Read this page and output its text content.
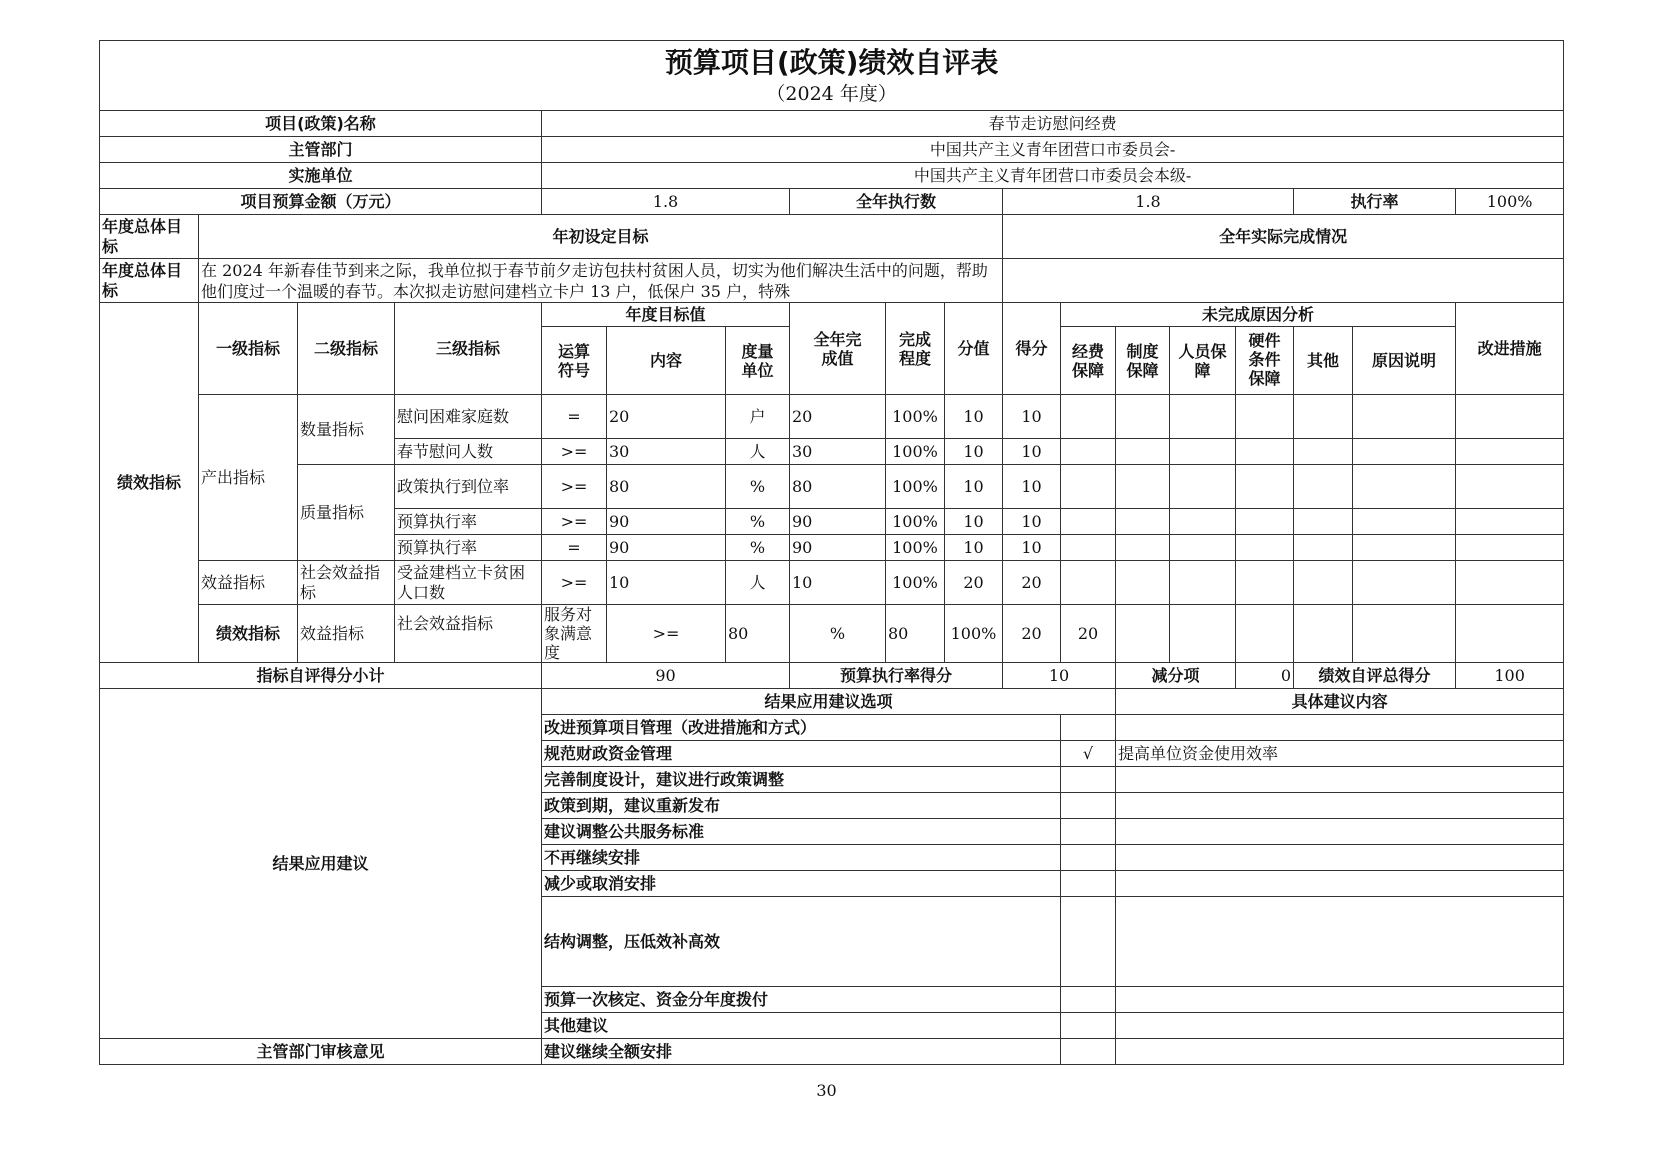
预算项目(政策)绩效自评表
（2024 年度）																		

项目(政策)名称				春节走访慰问经费														
主管部门				中国共产主义青年团营口市委员会-														
实施单位				中国共产主义青年团营口市委员会本级-														
项目预算金额（万元）				1.8			全年执行数			1.8					执行率		100%	

年度总体目标	年初设定目标									全年实际完成情况								

年度总体目标	在 2024 年新春佳节到来之际，我单位拟于春节前夕走访包扶村贫困人员，切实为他们解决生活中的问题，帮助他们度过一个温暖的春节。本次拟走访慰问建档立卡户 13 户，低保户 35 户，特殊																	

绩效指标	一级指标	二级指标	三级指标	年度目标值			全年完成值	完成程度	分值	得分	未完成原因分析						改进措施	

				运算符号	内容	度量单位					经费保障	制度保障	人员保障	硬件条件保障	其他	原因说明		
	产出指标	数量指标	慰问困难家庭数	=	20	户	20	100%	10	10								
			春节慰问人数	>=	30	人	30	100%	10	10								
		质量指标	政策执行到位率	>=	80	%	80	100%	10	10								
			预算执行率	>=	90	%	90	100%	10	10								
			预算执行率	=	90	%	90	100%	10	10								
	效益指标	社会效益指标	受益建档立卡贫困人口数	>=	10	人	10	100%	20	20								
	绩效指标	效益指标	社会效益指标	服务对象满意度	>=	80	%	80	100%	20	20							
指标自评得分小计				90			预算执行率得分			10		减分项		0	绩效自评总得分		100	
结果应用建议				结果应用建议选项								具体建议内容						
				改进预算项目管理（改进措施和方式）														
				规范财政资金管理							√	提高单位资金使用效率						
				完善制度设计，建议进行政策调整														
				政策到期，建议重新发布														
				建议调整公共服务标准														
				不再继续安排														
				减少或取消安排														
				结构调整，压低效补高效														
				预算一次核定、资金分年度拨付														
				其他建议														

主管部门审核意见				建议继续全额安排														
30
